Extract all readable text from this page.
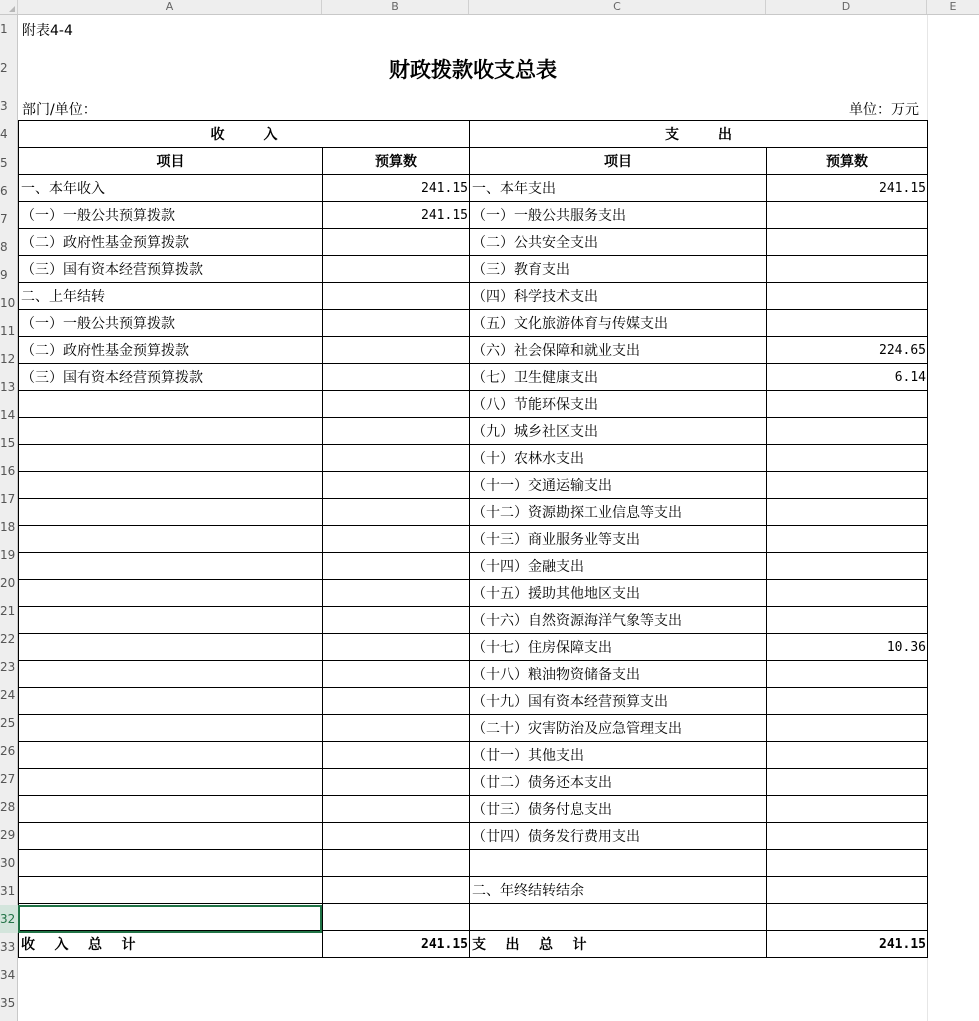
A	B	C	D	E
1
2
3
4
5
6
7
8
9
10
11
12
13
14
15
16
17
18
19
20
21
22
23
24
25
26
27
28
29
30
31
32
33
34
35
附表4-4
财政拨款收支总表
部门/单位：	单位：万元
收        入		支        出	
项目	预算数	项目	预算数
一、本年收入	241.15	一、本年支出	241.15
（一）一般公共预算拨款	241.15	（一）一般公共服务支出	
（二）政府性基金预算拨款		（二）公共安全支出	
（三）国有资本经营预算拨款		（三）教育支出	
二、上年结转		（四）科学技术支出	
（一）一般公共预算拨款		（五）文化旅游体育与传媒支出	
（二）政府性基金预算拨款		（六）社会保障和就业支出	224.65
（三）国有资本经营预算拨款		（七）卫生健康支出	6.14
		（八）节能环保支出	
		（九）城乡社区支出	
		（十）农林水支出	
		（十一）交通运输支出	
		（十二）资源勘探工业信息等支出	
		（十三）商业服务业等支出	
		（十四）金融支出	
		（十五）援助其他地区支出	
		（十六）自然资源海洋气象等支出	
		（十七）住房保障支出	10.36
		（十八）粮油物资储备支出	
		（十九）国有资本经营预算支出	
		（二十）灾害防治及应急管理支出	
		（廿一）其他支出	
		（廿二）债务还本支出	
		（廿三）债务付息支出	
		（廿四）债务发行费用支出	

		二、年终结转结余	

收    入    总    计	241.15	支    出    总    计	241.15
